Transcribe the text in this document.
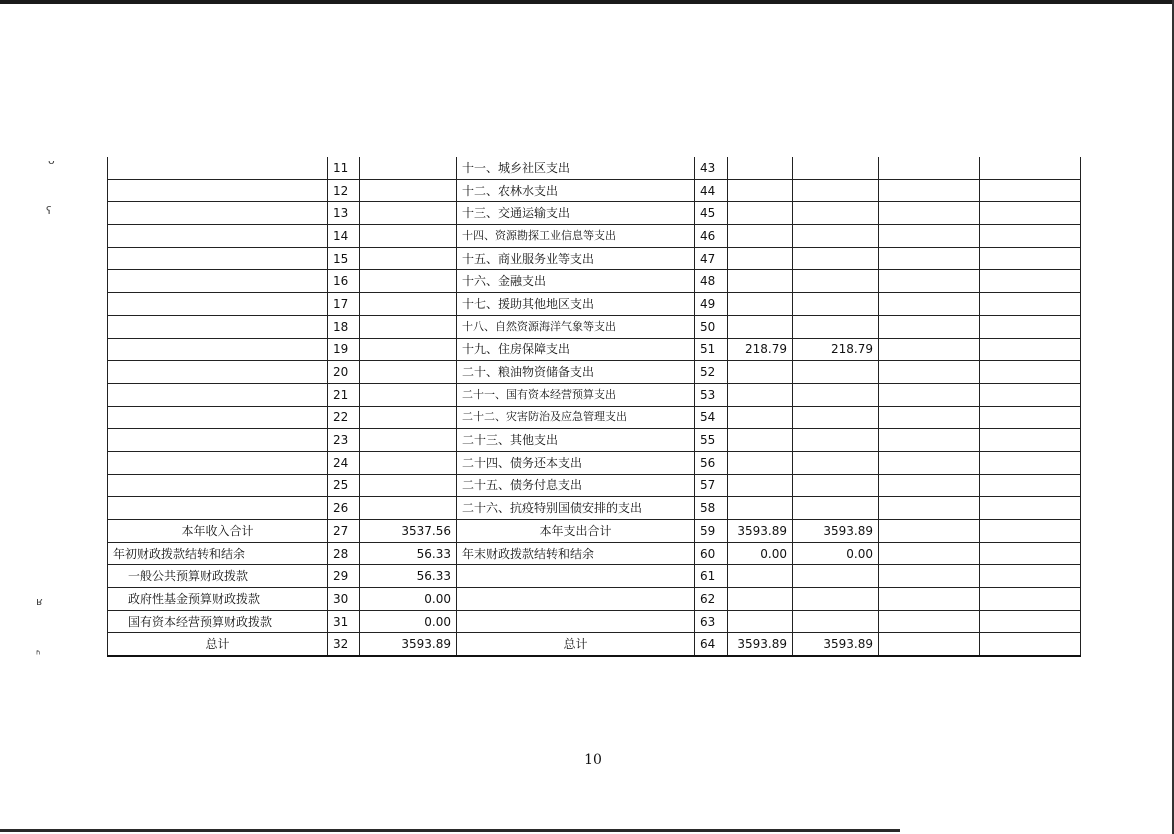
ᴗ
ʕ
ʁ
ʱ
	11		十一、城乡社区支出	43				
	12		十二、农林水支出	44				
	13		十三、交通运输支出	45				
	14		十四、资源勘探工业信息等支出	46				
	15		十五、商业服务业等支出	47				
	16		十六、金融支出	48				
	17		十七、援助其他地区支出	49				
	18		十八、自然资源海洋气象等支出	50				
	19		十九、住房保障支出	51	218.79	218.79		
	20		二十、粮油物资储备支出	52				
	21		二十一、国有资本经营预算支出	53				
	22		二十二、灾害防治及应急管理支出	54				
	23		二十三、其他支出	55				
	24		二十四、债务还本支出	56				
	25		二十五、债务付息支出	57				
	26		二十六、抗疫特别国债安排的支出	58				
本年收入合计	27	3537.56	本年支出合计	59	3593.89	3593.89		
年初财政拨款结转和结余	28	56.33	年末财政拨款结转和结余	60	0.00	0.00		
一般公共预算财政拨款	29	56.33		61				
政府性基金预算财政拨款	30	0.00		62				
国有资本经营预算财政拨款	31	0.00		63				
总计	32	3593.89	总计	64	3593.89	3593.89		
10
